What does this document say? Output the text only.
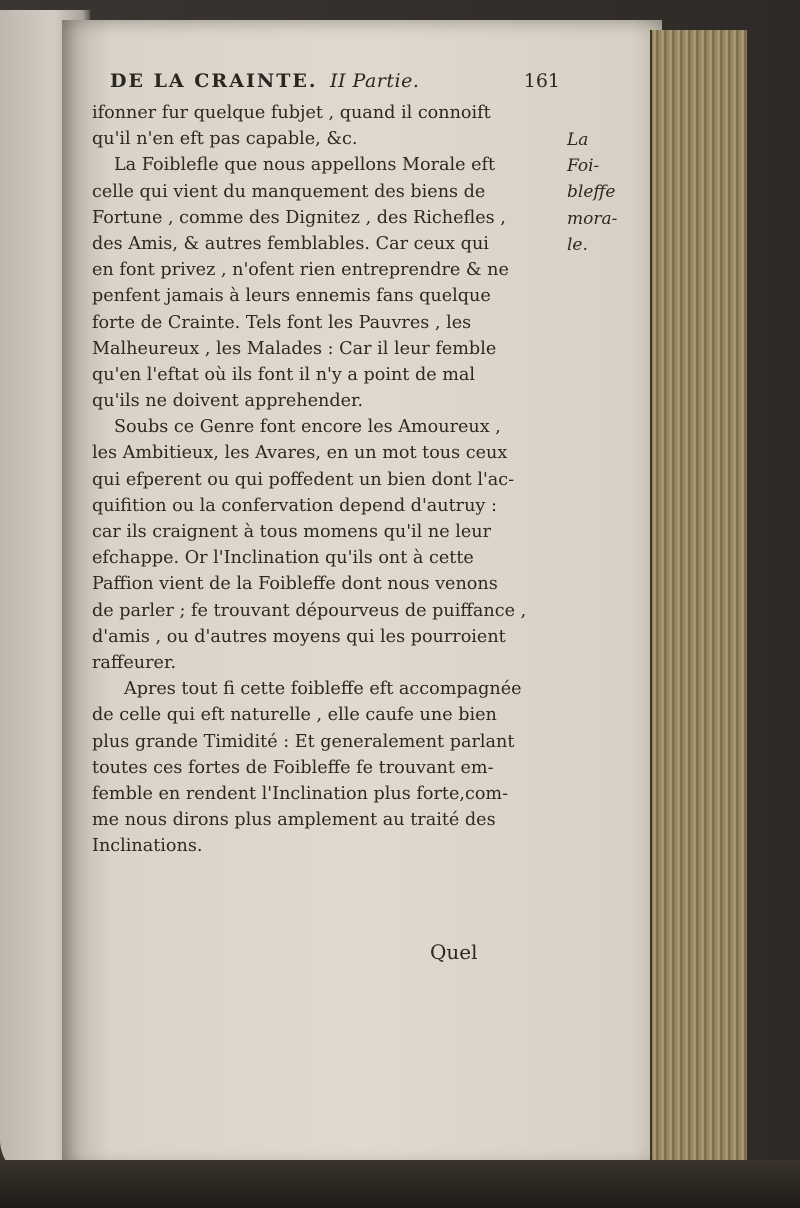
DE LA CRAINTE. II Partie.	161
ifonner fur quelque fubjet , quand il connoift
qu'il n'en eft pas capable, &c.
La Foiblefle que nous appellons Morale eft
celle qui vient du manquement des biens de
Fortune , comme des Dignitez , des Richefles ,
des Amis, & autres femblables. Car ceux qui
en font privez , n'ofent rien entreprendre & ne
penfent jamais à leurs ennemis fans quelque
forte de Crainte. Tels font les Pauvres , les
Malheureux , les Malades : Car il leur femble
qu'en l'eftat où ils font il n'y a point de mal
qu'ils ne doivent apprehender.
Soubs ce Genre font encore les Amoureux ,
les Ambitieux, les Avares, en un mot tous ceux
qui efperent ou qui poffedent un bien dont l'ac-
quifition ou la confervation depend d'autruy :
car ils craignent à tous momens qu'il ne leur
efchappe. Or l'Inclination qu'ils ont à cette
Paffion vient de la Foibleffe dont nous venons
de parler ; fe trouvant dépourveus de puiffance ,
d'amis , ou d'autres moyens qui les pourroient
raffeurer.
Apres tout fi cette foibleffe eft accompagnée
de celle qui eft naturelle , elle caufe une bien
plus grande Timidité : Et generalement parlant
toutes ces fortes de Foibleffe fe trouvant em-
femble en rendent l'Inclination plus forte,com-
me nous dirons plus amplement au traité des
Inclinations.
La
Foi-
bleffe
mora-
le.
Quel
